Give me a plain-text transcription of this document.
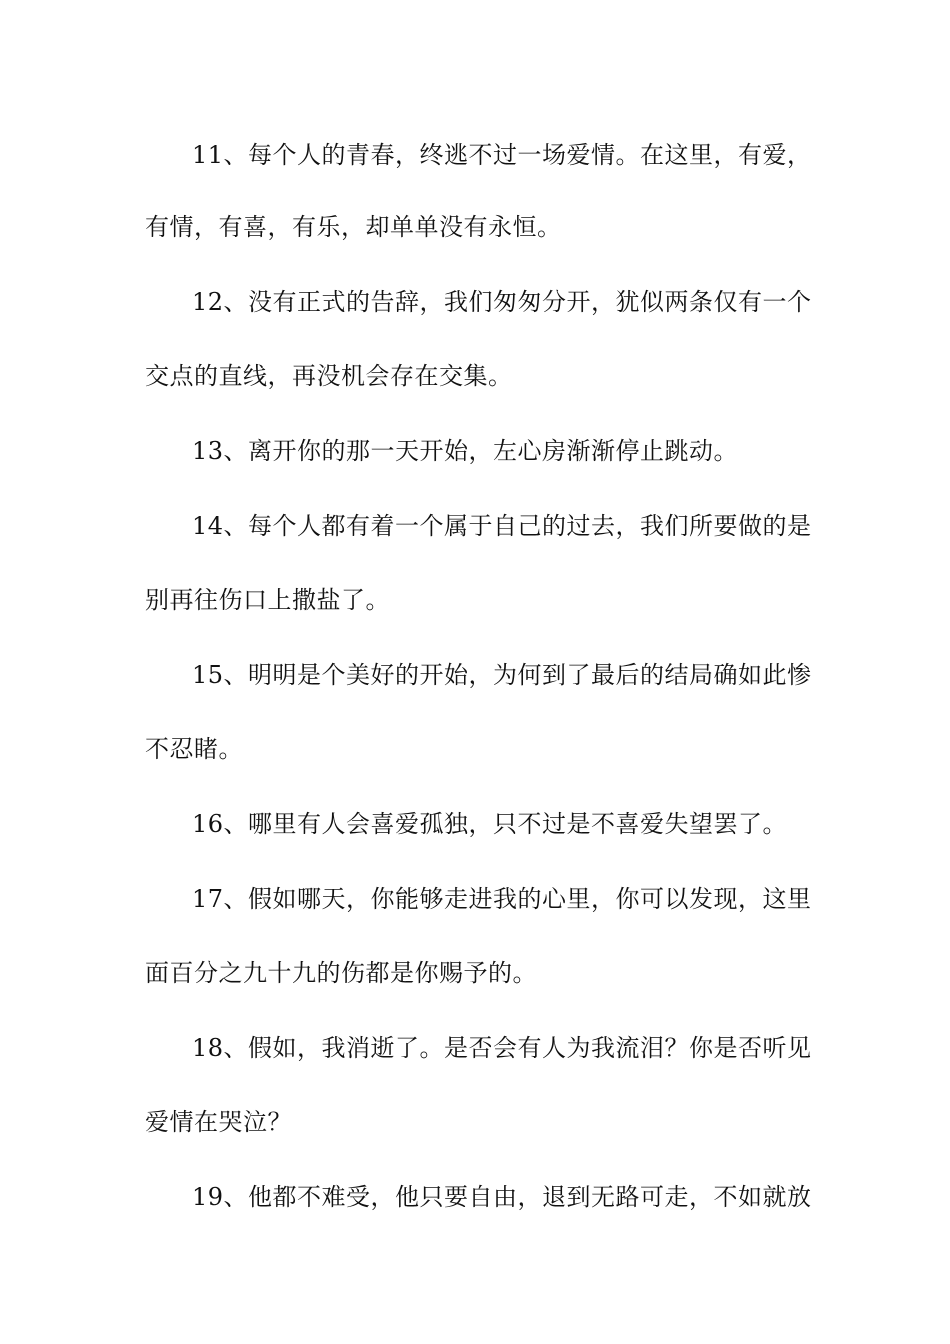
11、每个人的青春，终逃不过一场爱情。在这里，有爱，
有情，有喜，有乐，却单单没有永恒。
12、没有正式的告辞，我们匆匆分开，犹似两条仅有一个
交点的直线，再没机会存在交集。
13、离开你的那一天开始，左心房渐渐停止跳动。
14、每个人都有着一个属于自己的过去，我们所要做的是
别再往伤口上撒盐了。
15、明明是个美好的开始，为何到了最后的结局确如此惨
不忍睹。
16、哪里有人会喜爱孤独，只不过是不喜爱失望罢了。
17、假如哪天，你能够走进我的心里，你可以发现，这里
面百分之九十九的伤都是你赐予的。
18、假如，我消逝了。是否会有人为我流泪？你是否听见
爱情在哭泣？
19、他都不难受，他只要自由，退到无路可走，不如就放
